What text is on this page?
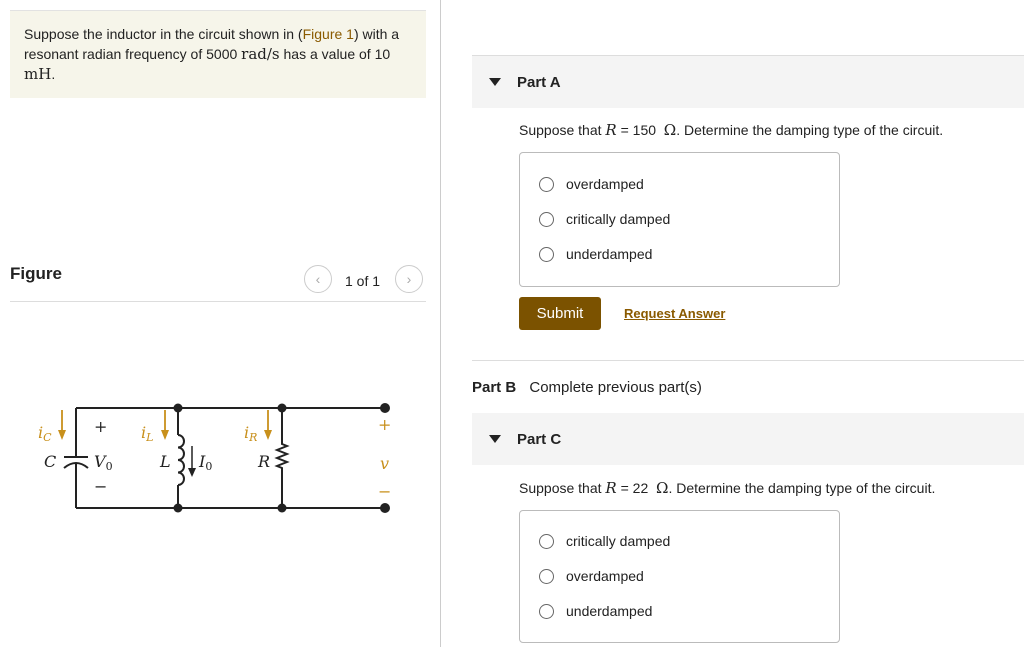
Suppose the inductor in the circuit shown in (Figure 1) with a resonant radian frequency of 5000 rad/s has a value of 10 mH.
Figure	‹ 1 of 1 ›
iC	iL	iR
v
+
−
C V0	L I0	R
+
−
Part A
Suppose that R = 150  Ω. Determine the damping type of the circuit.
overdamped
critically damped
underdamped
Submit	Request Answer
Part B Complete previous part(s)
Part C
Suppose that R = 22  Ω. Determine the damping type of the circuit.
critically damped
overdamped
underdamped
